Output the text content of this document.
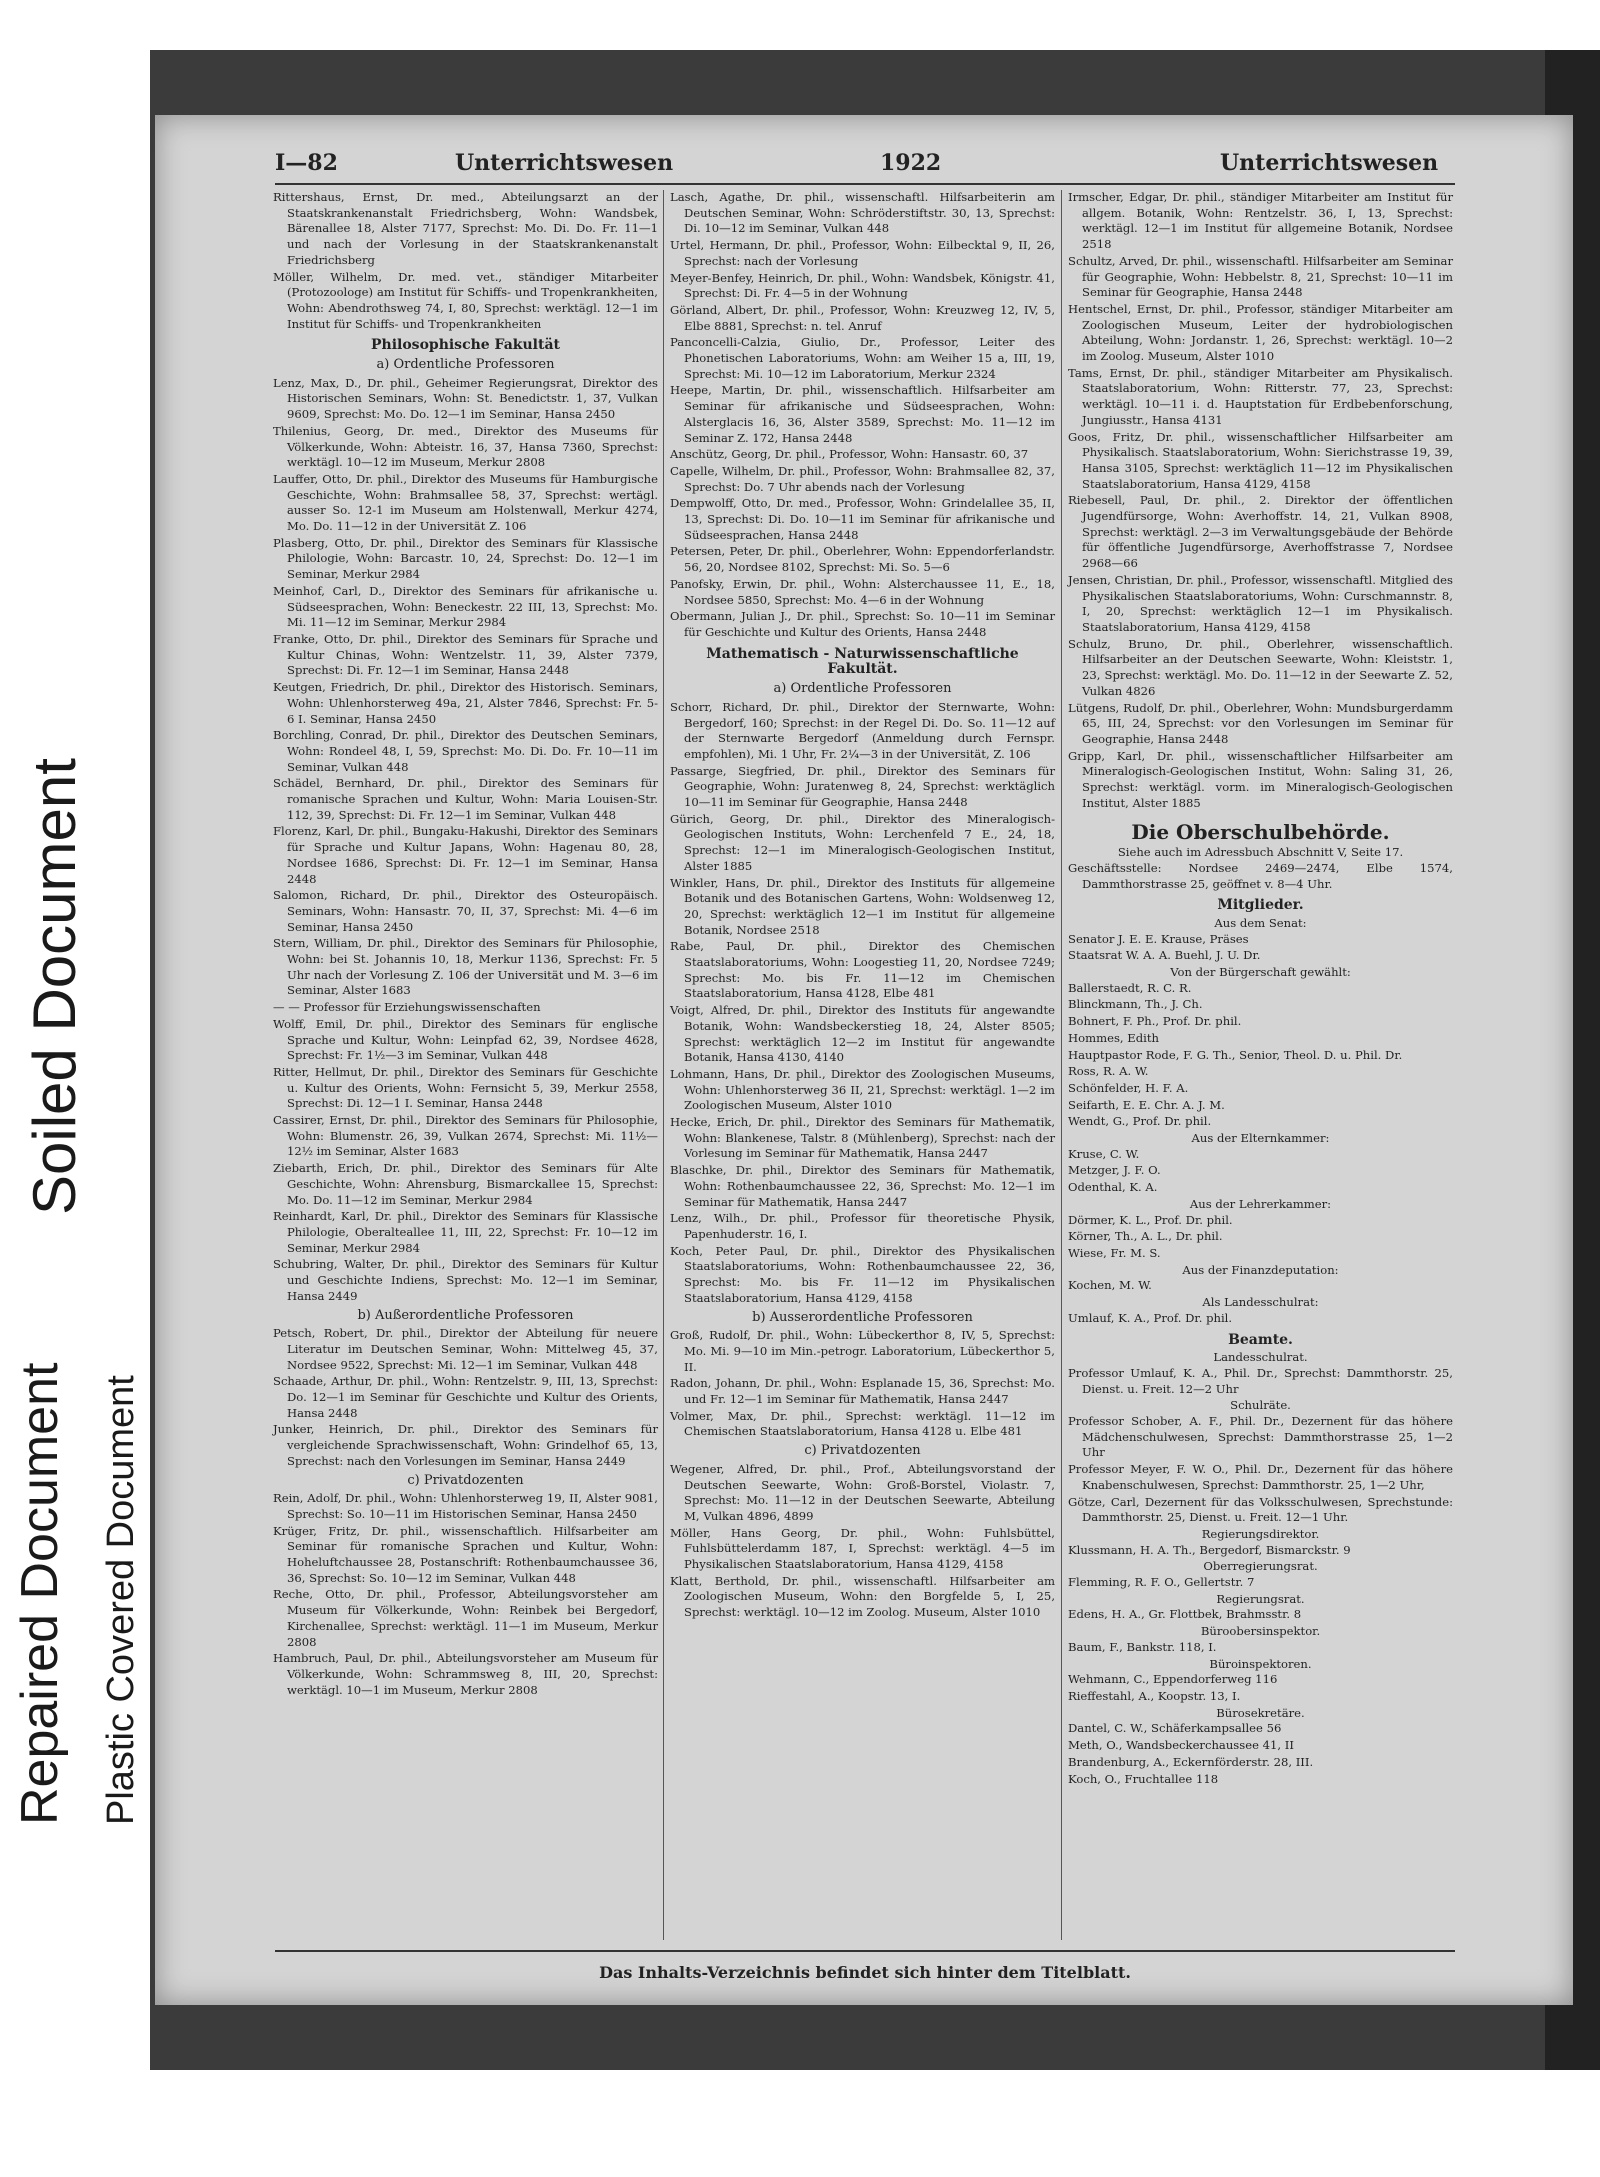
Soiled Document
Repaired Document Plastic Covered Document
I—82	Unterrichtswesen	1922	Unterrichtswesen
Rittershaus, Ernst, Dr. med., Abteilungsarzt an der Staatskrankenanstalt Friedrichsberg, Wohn: Wandsbek, Bärenallee 18, Alster 7177, Sprechst: Mo. Di. Do. Fr. 11—1 und nach der Vorlesung in der Staatskrankenanstalt Friedrichsberg
Möller, Wilhelm, Dr. med. vet., ständiger Mitarbeiter (Protozoologe) am Institut für Schiffs- und Tropenkrankheiten, Wohn: Abendrothsweg 74, I, 80, Sprechst: werktägl. 12—1 im Institut für Schiffs- und Tropenkrankheiten
Philosophische Fakultät
a) Ordentliche Professoren
Lenz, Max, D., Dr. phil., Geheimer Regierungsrat, Direktor des Historischen Seminars, Wohn: St. Benedictstr. 1, 37, Vulkan 9609, Sprechst: Mo. Do. 12—1 im Seminar, Hansa 2450
Thilenius, Georg, Dr. med., Direktor des Museums für Völkerkunde, Wohn: Abteistr. 16, 37, Hansa 7360, Sprechst: werktägl. 10—12 im Museum, Merkur 2808
Lauffer, Otto, Dr. phil., Direktor des Museums für Hamburgische Geschichte, Wohn: Brahmsallee 58, 37, Sprechst: wertägl. ausser So. 12-1 im Museum am Holstenwall, Merkur 4274, Mo. Do. 11—12 in der Universität Z. 106
Plasberg, Otto, Dr. phil., Direktor des Seminars für Klassische Philologie, Wohn: Barcastr. 10, 24, Sprechst: Do. 12—1 im Seminar, Merkur 2984
Meinhof, Carl, D., Direktor des Seminars für afrikanische u. Südseesprachen, Wohn: Beneckestr. 22 III, 13, Sprechst: Mo. Mi. 11—12 im Seminar, Merkur 2984
Franke, Otto, Dr. phil., Direktor des Seminars für Sprache und Kultur Chinas, Wohn: Wentzelstr. 11, 39, Alster 7379, Sprechst: Di. Fr. 12—1 im Seminar, Hansa 2448
Keutgen, Friedrich, Dr. phil., Direktor des Historisch. Seminars, Wohn: Uhlenhorsterweg 49a, 21, Alster 7846, Sprechst: Fr. 5-6 I. Seminar, Hansa 2450
Borchling, Conrad, Dr. phil., Direktor des Deutschen Seminars, Wohn: Rondeel 48, I, 59, Sprechst: Mo. Di. Do. Fr. 10—11 im Seminar, Vulkan 448
Schädel, Bernhard, Dr. phil., Direktor des Seminars für romanische Sprachen und Kultur, Wohn: Maria Louisen-Str. 112, 39, Sprechst: Di. Fr. 12—1 im Seminar, Vulkan 448
Florenz, Karl, Dr. phil., Bungaku-Hakushi, Direktor des Seminars für Sprache und Kultur Japans, Wohn: Hagenau 80, 28, Nordsee 1686, Sprechst: Di. Fr. 12—1 im Seminar, Hansa 2448
Salomon, Richard, Dr. phil., Direktor des Osteuropäisch. Seminars, Wohn: Hansastr. 70, II, 37, Sprechst: Mi. 4—6 im Seminar, Hansa 2450
Stern, William, Dr. phil., Direktor des Seminars für Philosophie, Wohn: bei St. Johannis 10, 18, Merkur 1136, Sprechst: Fr. 5 Uhr nach der Vorlesung Z. 106 der Universität und M. 3—6 im Seminar, Alster 1683
— — Professor für Erziehungswissenschaften
Wolff, Emil, Dr. phil., Direktor des Seminars für englische Sprache und Kultur, Wohn: Leinpfad 62, 39, Nordsee 4628, Sprechst: Fr. 1½—3 im Seminar, Vulkan 448
Ritter, Hellmut, Dr. phil., Direktor des Seminars für Geschichte u. Kultur des Orients, Wohn: Fernsicht 5, 39, Merkur 2558, Sprechst: Di. 12—1 I. Seminar, Hansa 2448
Cassirer, Ernst, Dr. phil., Direktor des Seminars für Philosophie, Wohn: Blumenstr. 26, 39, Vulkan 2674, Sprechst: Mi. 11½—12½ im Seminar, Alster 1683
Ziebarth, Erich, Dr. phil., Direktor des Seminars für Alte Geschichte, Wohn: Ahrensburg, Bismarckallee 15, Sprechst: Mo. Do. 11—12 im Seminar, Merkur 2984
Reinhardt, Karl, Dr. phil., Direktor des Seminars für Klassische Philologie, Oberalteallee 11, III, 22, Sprechst: Fr. 10—12 im Seminar, Merkur 2984
Schubring, Walter, Dr. phil., Direktor des Seminars für Kultur und Geschichte Indiens, Sprechst: Mo. 12—1 im Seminar, Hansa 2449
b) Außerordentliche Professoren
Petsch, Robert, Dr. phil., Direktor der Abteilung für neuere Literatur im Deutschen Seminar, Wohn: Mittelweg 45, 37, Nordsee 9522, Sprechst: Mi. 12—1 im Seminar, Vulkan 448
Schaade, Arthur, Dr. phil., Wohn: Rentzelstr. 9, III, 13, Sprechst: Do. 12—1 im Seminar für Geschichte und Kultur des Orients, Hansa 2448
Junker, Heinrich, Dr. phil., Direktor des Seminars für vergleichende Sprachwissenschaft, Wohn: Grindelhof 65, 13, Sprechst: nach den Vorlesungen im Seminar, Hansa 2449
c) Privatdozenten
Rein, Adolf, Dr. phil., Wohn: Uhlenhorsterweg 19, II, Alster 9081, Sprechst: So. 10—11 im Historischen Seminar, Hansa 2450
Krüger, Fritz, Dr. phil., wissenschaftlich. Hilfsarbeiter am Seminar für romanische Sprachen und Kultur, Wohn: Hoheluftchaussee 28, Postanschrift: Rothenbaumchaussee 36, 36, Sprechst: So. 10—12 im Seminar, Vulkan 448
Reche, Otto, Dr. phil., Professor, Abteilungsvorsteher am Museum für Völkerkunde, Wohn: Reinbek bei Bergedorf, Kirchenallee, Sprechst: werktägl. 11—1 im Museum, Merkur 2808
Hambruch, Paul, Dr. phil., Abteilungsvorsteher am Museum für Völkerkunde, Wohn: Schrammsweg 8, III, 20, Sprechst: werktägl. 10—1 im Museum, Merkur 2808
Lasch, Agathe, Dr. phil., wissenschaftl. Hilfsarbeiterin am Deutschen Seminar, Wohn: Schröderstiftstr. 30, 13, Sprechst: Di. 10—12 im Seminar, Vulkan 448
Urtel, Hermann, Dr. phil., Professor, Wohn: Eilbecktal 9, II, 26, Sprechst: nach der Vorlesung
Meyer-Benfey, Heinrich, Dr. phil., Wohn: Wandsbek, Königstr. 41, Sprechst: Di. Fr. 4—5 in der Wohnung
Görland, Albert, Dr. phil., Professor, Wohn: Kreuzweg 12, IV, 5, Elbe 8881, Sprechst: n. tel. Anruf
Panconcelli-Calzia, Giulio, Dr., Professor, Leiter des Phonetischen Laboratoriums, Wohn: am Weiher 15 a, III, 19, Sprechst: Mi. 10—12 im Laboratorium, Merkur 2324
Heepe, Martin, Dr. phil., wissenschaftlich. Hilfsarbeiter am Seminar für afrikanische und Südseesprachen, Wohn: Alsterglacis 16, 36, Alster 3589, Sprechst: Mo. 11—12 im Seminar Z. 172, Hansa 2448
Anschütz, Georg, Dr. phil., Professor, Wohn: Hansastr. 60, 37
Capelle, Wilhelm, Dr. phil., Professor, Wohn: Brahmsallee 82, 37, Sprechst: Do. 7 Uhr abends nach der Vorlesung
Dempwolff, Otto, Dr. med., Professor, Wohn: Grindelallee 35, II, 13, Sprechst: Di. Do. 10—11 im Seminar für afrikanische und Südseesprachen, Hansa 2448
Petersen, Peter, Dr. phil., Oberlehrer, Wohn: Eppendorferlandstr. 56, 20, Nordsee 8102, Sprechst: Mi. So. 5—6
Panofsky, Erwin, Dr. phil., Wohn: Alsterchaussee 11, E., 18, Nordsee 5850, Sprechst: Mo. 4—6 in der Wohnung
Obermann, Julian J., Dr. phil., Sprechst: So. 10—11 im Seminar für Geschichte und Kultur des Orients, Hansa 2448
Mathematisch - Naturwissenschaftliche Fakultät.
a) Ordentliche Professoren
Schorr, Richard, Dr. phil., Direktor der Sternwarte, Wohn: Bergedorf, 160; Sprechst: in der Regel Di. Do. So. 11—12 auf der Sternwarte Bergedorf (Anmeldung durch Fernspr. empfohlen), Mi. 1 Uhr, Fr. 2¼—3 in der Universität, Z. 106
Passarge, Siegfried, Dr. phil., Direktor des Seminars für Geographie, Wohn: Juratenweg 8, 24, Sprechst: werktäglich 10—11 im Seminar für Geographie, Hansa 2448
Gürich, Georg, Dr. phil., Direktor des Mineralogisch-Geologischen Instituts, Wohn: Lerchenfeld 7 E., 24, 18, Sprechst: 12—1 im Mineralogisch-Geologischen Institut, Alster 1885
Winkler, Hans, Dr. phil., Direktor des Instituts für allgemeine Botanik und des Botanischen Gartens, Wohn: Woldsenweg 12, 20, Sprechst: werktäglich 12—1 im Institut für allgemeine Botanik, Nordsee 2518
Rabe, Paul, Dr. phil., Direktor des Chemischen Staatslaboratoriums, Wohn: Loogestieg 11, 20, Nordsee 7249; Sprechst: Mo. bis Fr. 11—12 im Chemischen Staatslaboratorium, Hansa 4128, Elbe 481
Voigt, Alfred, Dr. phil., Direktor des Instituts für angewandte Botanik, Wohn: Wandsbeckerstieg 18, 24, Alster 8505; Sprechst: werktäglich 12—2 im Institut für angewandte Botanik, Hansa 4130, 4140
Lohmann, Hans, Dr. phil., Direktor des Zoologischen Museums, Wohn: Uhlenhorsterweg 36 II, 21, Sprechst: werktägl. 1—2 im Zoologischen Museum, Alster 1010
Hecke, Erich, Dr. phil., Direktor des Seminars für Mathematik, Wohn: Blankenese, Talstr. 8 (Mühlenberg), Sprechst: nach der Vorlesung im Seminar für Mathematik, Hansa 2447
Blaschke, Dr. phil., Direktor des Seminars für Mathematik, Wohn: Rothenbaumchaussee 22, 36, Sprechst: Mo. 12—1 im Seminar für Mathematik, Hansa 2447
Lenz, Wilh., Dr. phil., Professor für theoretische Physik, Papenhuderstr. 16, I.
Koch, Peter Paul, Dr. phil., Direktor des Physikalischen Staatslaboratoriums, Wohn: Rothenbaumchaussee 22, 36, Sprechst: Mo. bis Fr. 11—12 im Physikalischen Staatslaboratorium, Hansa 4129, 4158
b) Ausserordentliche Professoren
Groß, Rudolf, Dr. phil., Wohn: Lübeckerthor 8, IV, 5, Sprechst: Mo. Mi. 9—10 im Min.-petrogr. Laboratorium, Lübeckerthor 5, II.
Radon, Johann, Dr. phil., Wohn: Esplanade 15, 36, Sprechst: Mo. und Fr. 12—1 im Seminar für Mathematik, Hansa 2447
Volmer, Max, Dr. phil., Sprechst: werktägl. 11—12 im Chemischen Staatslaboratorium, Hansa 4128 u. Elbe 481
c) Privatdozenten
Wegener, Alfred, Dr. phil., Prof., Abteilungsvorstand der Deutschen Seewarte, Wohn: Groß-Borstel, Violastr. 7, Sprechst: Mo. 11—12 in der Deutschen Seewarte, Abteilung M, Vulkan 4896, 4899
Möller, Hans Georg, Dr. phil., Wohn: Fuhlsbüttel, Fuhlsbüttelerdamm 187, I, Sprechst: werktägl. 4—5 im Physikalischen Staatslaboratorium, Hansa 4129, 4158
Klatt, Berthold, Dr. phil., wissenschaftl. Hilfsarbeiter am Zoologischen Museum, Wohn: den Borgfelde 5, I, 25, Sprechst: werktägl. 10—12 im Zoolog. Museum, Alster 1010
Irmscher, Edgar, Dr. phil., ständiger Mitarbeiter am Institut für allgem. Botanik, Wohn: Rentzelstr. 36, I, 13, Sprechst: werktägl. 12—1 im Institut für allgemeine Botanik, Nordsee 2518
Schultz, Arved, Dr. phil., wissenschaftl. Hilfsarbeiter am Seminar für Geographie, Wohn: Hebbelstr. 8, 21, Sprechst: 10—11 im Seminar für Geographie, Hansa 2448
Hentschel, Ernst, Dr. phil., Professor, ständiger Mitarbeiter am Zoologischen Museum, Leiter der hydrobiologischen Abteilung, Wohn: Jordanstr. 1, 26, Sprechst: werktägl. 10—2 im Zoolog. Museum, Alster 1010
Tams, Ernst, Dr. phil., ständiger Mitarbeiter am Physikalisch. Staatslaboratorium, Wohn: Ritterstr. 77, 23, Sprechst: werktägl. 10—11 i. d. Hauptstation für Erdbebenforschung, Jungiusstr., Hansa 4131
Goos, Fritz, Dr. phil., wissenschaftlicher Hilfsarbeiter am Physikalisch. Staatslaboratorium, Wohn: Sierichstrasse 19, 39, Hansa 3105, Sprechst: werktäglich 11—12 im Physikalischen Staatslaboratorium, Hansa 4129, 4158
Riebesell, Paul, Dr. phil., 2. Direktor der öffentlichen Jugendfürsorge, Wohn: Averhoffstr. 14, 21, Vulkan 8908, Sprechst: werktägl. 2—3 im Verwaltungsgebäude der Behörde für öffentliche Jugendfürsorge, Averhoffstrasse 7, Nordsee 2968—66
Jensen, Christian, Dr. phil., Professor, wissenschaftl. Mitglied des Physikalischen Staatslaboratoriums, Wohn: Curschmannstr. 8, I, 20, Sprechst: werktäglich 12—1 im Physikalisch. Staatslaboratorium, Hansa 4129, 4158
Schulz, Bruno, Dr. phil., Oberlehrer, wissenschaftlich. Hilfsarbeiter an der Deutschen Seewarte, Wohn: Kleiststr. 1, 23, Sprechst: werktägl. Mo. Do. 11—12 in der Seewarte Z. 52, Vulkan 4826
Lütgens, Rudolf, Dr. phil., Oberlehrer, Wohn: Mundsburgerdamm 65, III, 24, Sprechst: vor den Vorlesungen im Seminar für Geographie, Hansa 2448
Gripp, Karl, Dr. phil., wissenschaftlicher Hilfsarbeiter am Mineralogisch-Geologischen Institut, Wohn: Saling 31, 26, Sprechst: werktägl. vorm. im Mineralogisch-Geologischen Institut, Alster 1885
Die Oberschulbehörde.
Siehe auch im Adressbuch Abschnitt V, Seite 17.
Geschäftsstelle: Nordsee 2469—2474, Elbe 1574, Dammthorstrasse 25, geöffnet v. 8—4 Uhr.
Mitglieder.
Aus dem Senat:
Senator J. E. E. Krause, Präses
Staatsrat W. A. A. Buehl, J. U. Dr.
Von der Bürgerschaft gewählt:
Ballerstaedt, R. C. R.
Blinckmann, Th., J. Ch.
Bohnert, F. Ph., Prof. Dr. phil.
Hommes, Edith
Hauptpastor Rode, F. G. Th., Senior, Theol. D. u. Phil. Dr.
Ross, R. A. W.
Schönfelder, H. F. A.
Seifarth, E. E. Chr. A. J. M.
Wendt, G., Prof. Dr. phil.
Aus der Elternkammer:
Kruse, C. W.
Metzger, J. F. O.
Odenthal, K. A.
Aus der Lehrerkammer:
Dörmer, K. L., Prof. Dr. phil.
Körner, Th., A. L., Dr. phil.
Wiese, Fr. M. S.
Aus der Finanzdeputation:
Kochen, M. W.
Als Landesschulrat:
Umlauf, K. A., Prof. Dr. phil.
Beamte.
Landesschulrat.
Professor Umlauf, K. A., Phil. Dr., Sprechst: Dammthorstr. 25, Dienst. u. Freit. 12—2 Uhr
Schulräte.
Professor Schober, A. F., Phil. Dr., Dezernent für das höhere Mädchenschulwesen, Sprechst: Dammthorstrasse 25, 1—2 Uhr
Professor Meyer, F. W. O., Phil. Dr., Dezernent für das höhere Knabenschulwesen, Sprechst: Dammthorstr. 25, 1—2 Uhr,
Götze, Carl, Dezernent für das Volksschulwesen, Sprechstunde: Dammthorstr. 25, Dienst. u. Freit. 12—1 Uhr.
Regierungsdirektor.
Klussmann, H. A. Th., Bergedorf, Bismarckstr. 9
Oberregierungsrat.
Flemming, R. F. O., Gellertstr. 7
Regierungsrat.
Edens, H. A., Gr. Flottbek, Brahmsstr. 8
Büroobersinspektor.
Baum, F., Bankstr. 118, I.
Büroinspektoren.
Wehmann, C., Eppendorferweg 116
Rieffestahl, A., Koopstr. 13, I.
Bürosekretäre.
Dantel, C. W., Schäferkampsallee 56
Meth, O., Wandsbeckerchaussee 41, II
Brandenburg, A., Eckernförderstr. 28, III.
Koch, O., Fruchtallee 118
Das Inhalts-Verzeichnis befindet sich hinter dem Titelblatt.
